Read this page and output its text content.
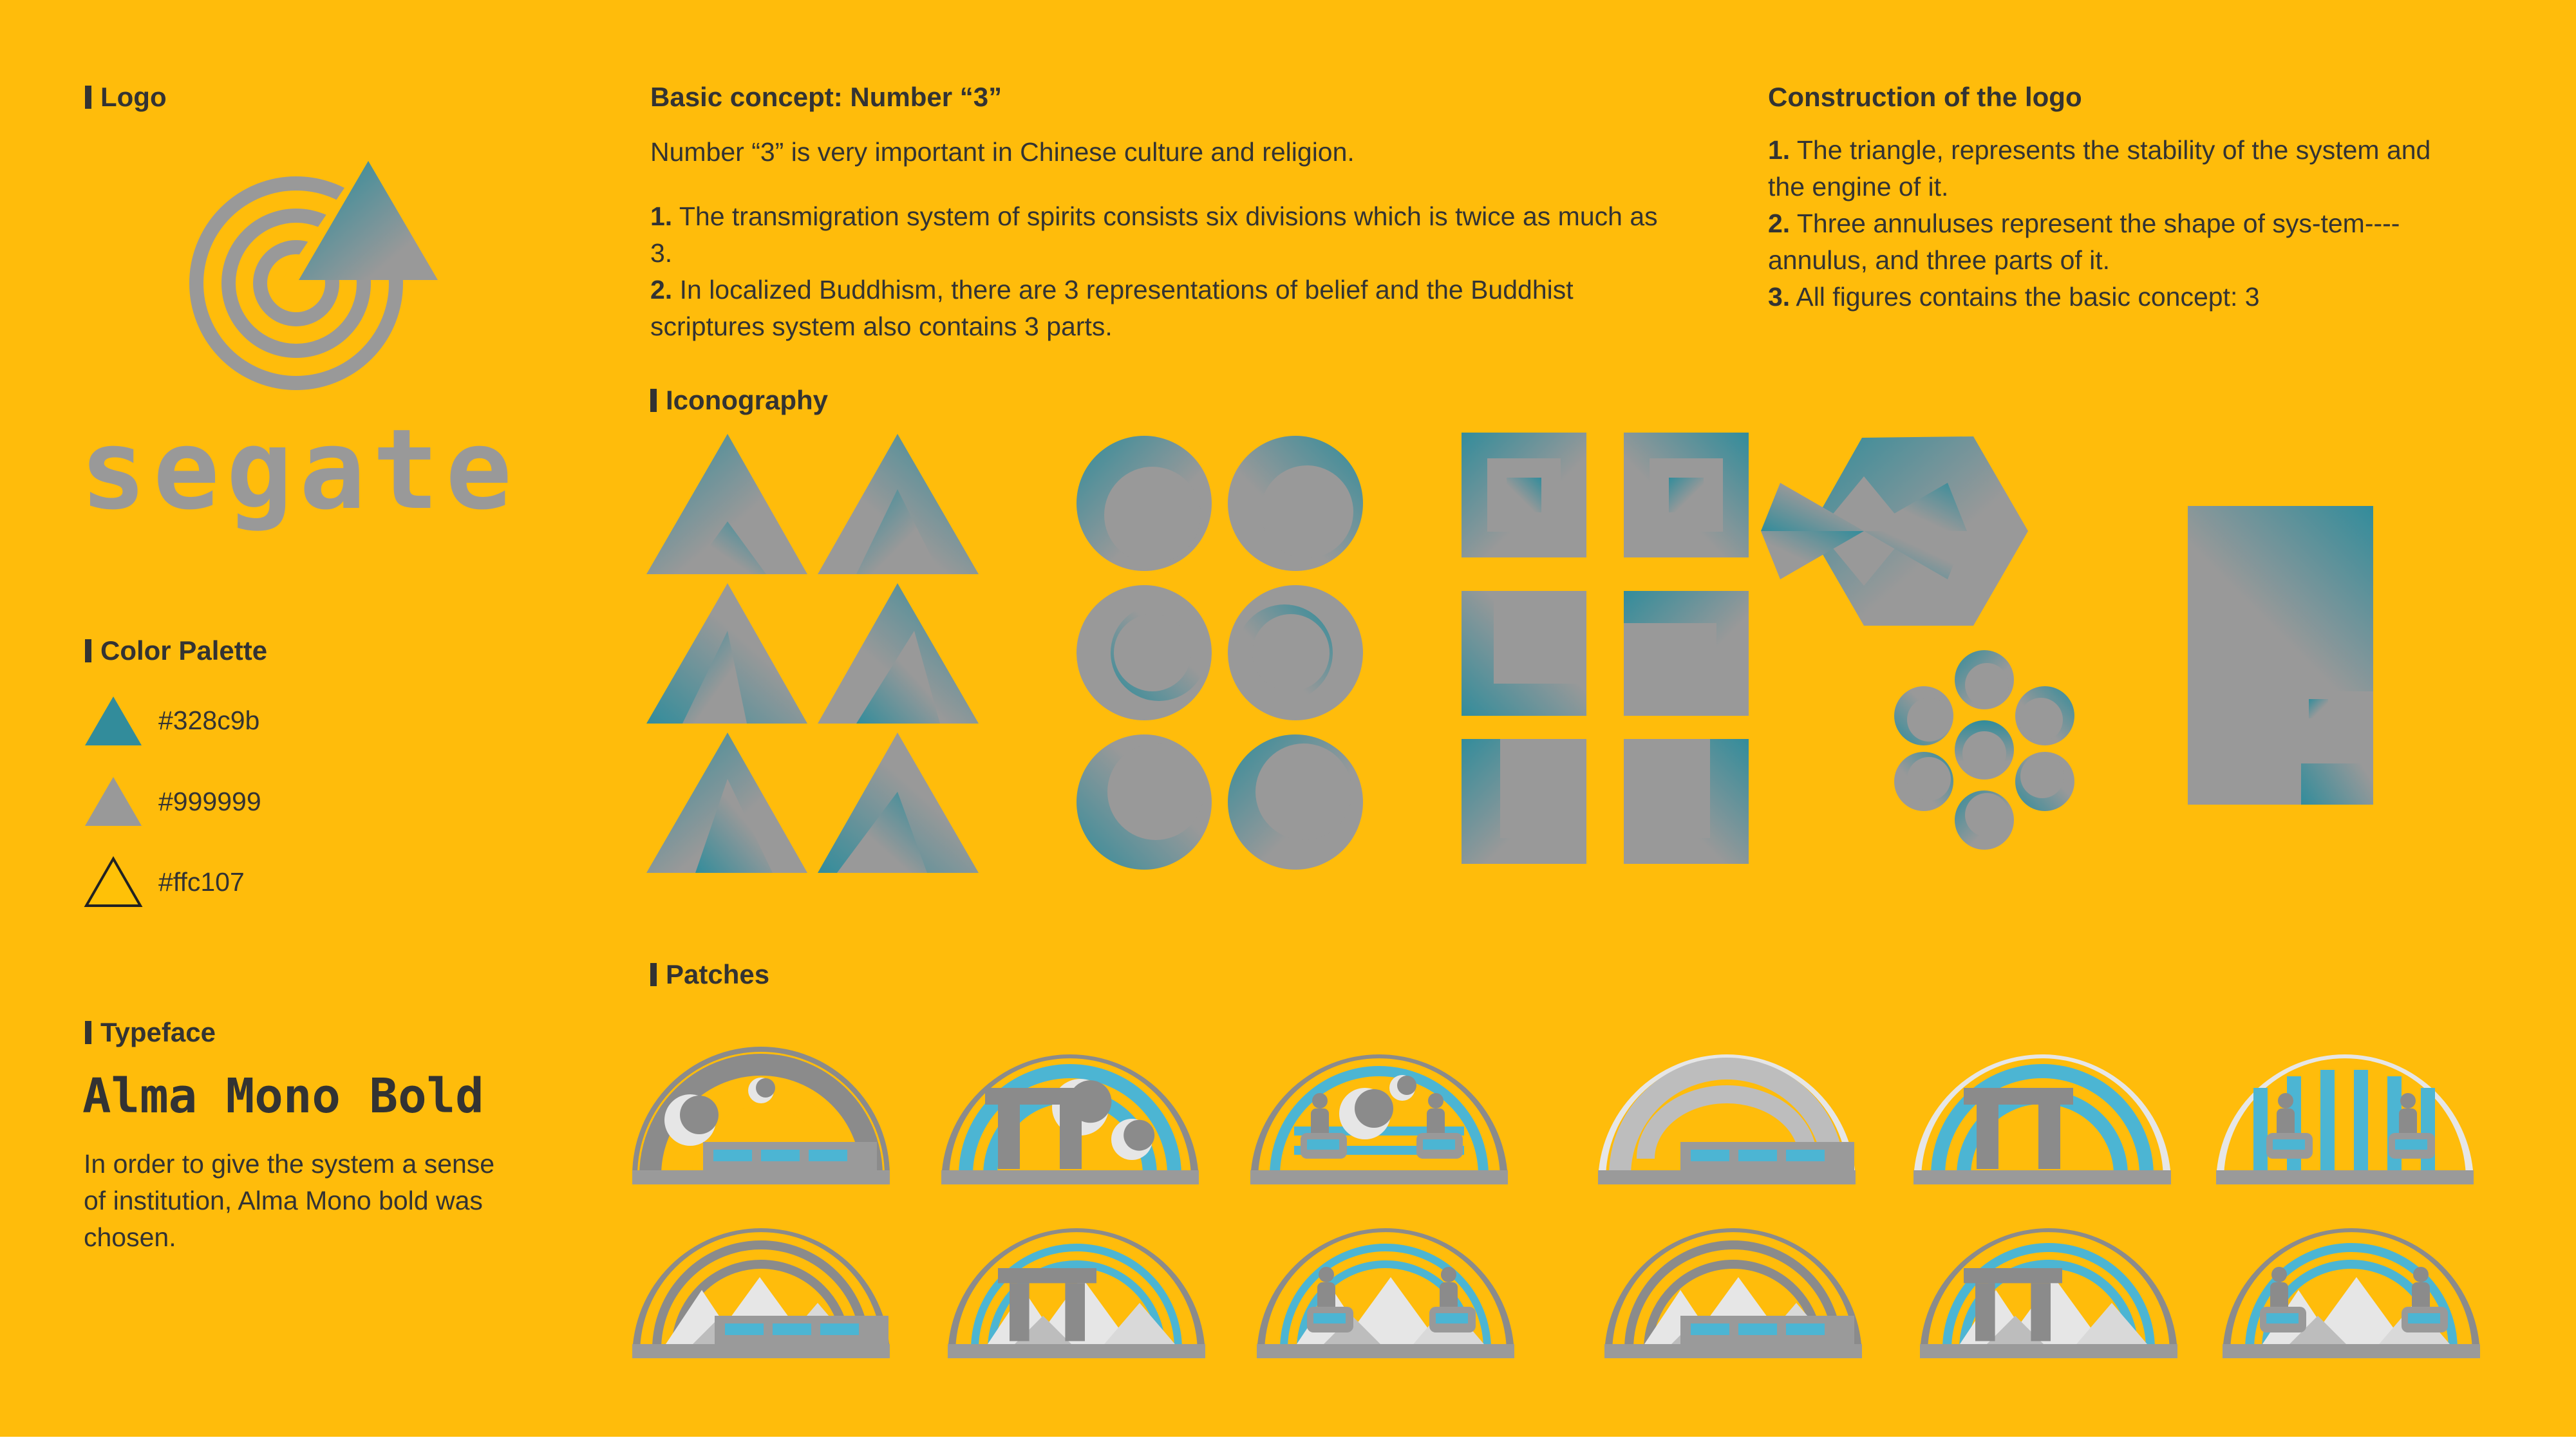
Logo
segate
Color Palette
#328c9b
#999999
#ffc107
Typeface
Alma Mono Bold
In order to give the system a sense of institution, Alma Mono bold was chosen.
Basic concept: Number “3”
Number “3” is very important in Chinese culture and religion.
1. The transmigration system of spirits consists six divisions which is twice as much as 3.
2. In localized Buddhism, there are 3 representations of belief and the Buddhist scriptures system also contains 3 parts.
Construction of the logo
1. The triangle, represents the stability of the system and the engine of it.
2. Three annuluses represent the shape of sys-tem----annulus, and three parts of it.
3. All figures contains the basic concept: 3
Iconography
Patches
